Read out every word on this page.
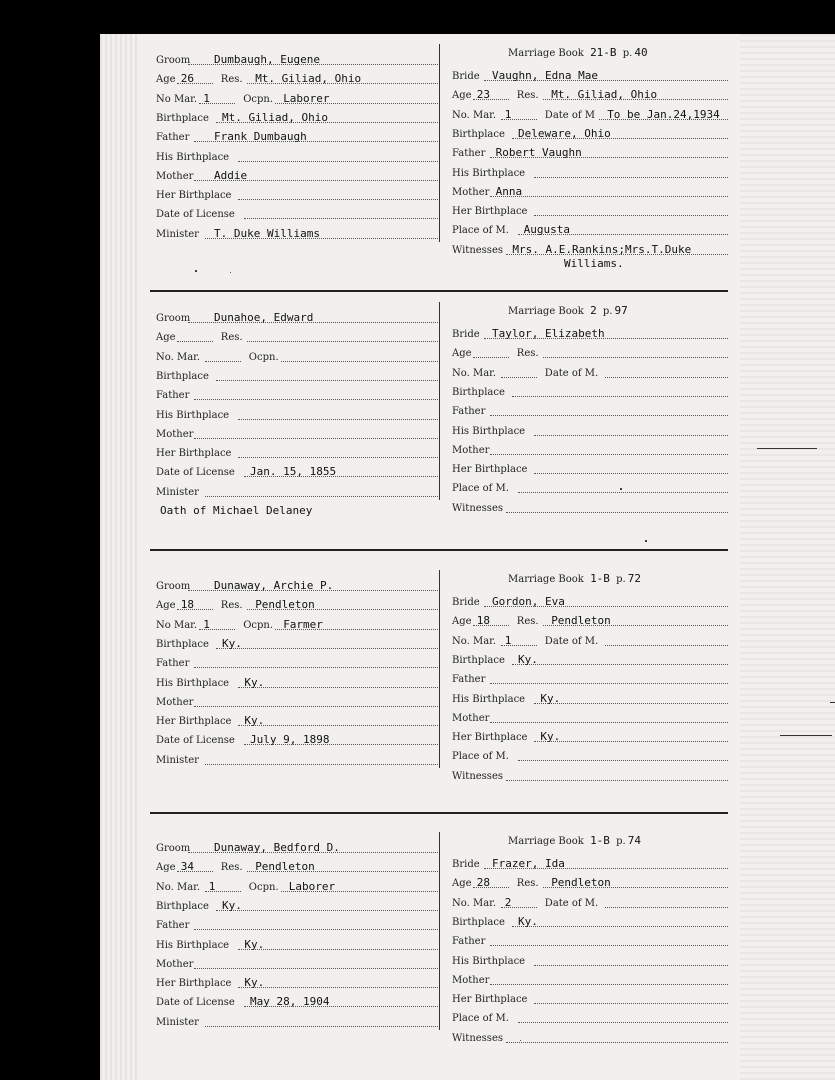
Groom Dumbaugh, Eugene
Age 26	Res. Mt. Giliad, Ohio
No Mar. 1	Ocpn. Laborer
Birthplace Mt. Giliad, Ohio
Father Frank Dumbaugh
His Birthplace
Mother Addie
Her Birthplace
Date of License
Minister T. Duke Williams
Marriage Book 21-B p. 40
Bride Vaughn, Edna Mae
Age 23	Res. Mt. Giliad, Ohio
No. Mar. 1	Date of M To be Jan.24,1934
Birthplace Deleware, Ohio
Father Robert Vaughn
His Birthplace
Mother Anna
Her Birthplace
Place of M. Augusta
Witnesses Mrs. A.E.Rankins;Mrs.T.Duke
Williams.
Groom Dunahoe, Edward
Age	Res.
No. Mar.	Ocpn.
Birthplace
Father
His Birthplace
Mother
Her Birthplace
Date of License Jan. 15, 1855
Minister
Marriage Book 2 p. 97
Bride Taylor, Elizabeth
Age	Res.
No. Mar.	Date of M.
Birthplace
Father
His Birthplace
Mother
Her Birthplace
Place of M.
Witnesses
Oath of Michael Delaney
Groom Dunaway, Archie P.
Age 18	Res. Pendleton
No Mar. 1	Ocpn. Farmer
Birthplace Ky.
Father
His Birthplace Ky.
Mother
Her Birthplace Ky.
Date of License July 9, 1898
Minister
Marriage Book 1-B p. 72
Bride Gordon, Eva
Age 18	Res. Pendleton
No. Mar. 1	Date of M.
Birthplace Ky.
Father
His Birthplace Ky.
Mother
Her Birthplace Ky.
Place of M.
Witnesses
Groom Dunaway, Bedford D.
Age 34	Res. Pendleton
No. Mar. 1	Ocpn. Laborer
Birthplace Ky.
Father
His Birthplace Ky.
Mother
Her Birthplace Ky.
Date of License May 28, 1904
Minister
Marriage Book 1-B p. 74
Bride Frazer, Ida
Age 28	Res. Pendleton
No. Mar. 2	Date of M.
Birthplace Ky.
Father
His Birthplace
Mother
Her Birthplace
Place of M.
Witnesses
